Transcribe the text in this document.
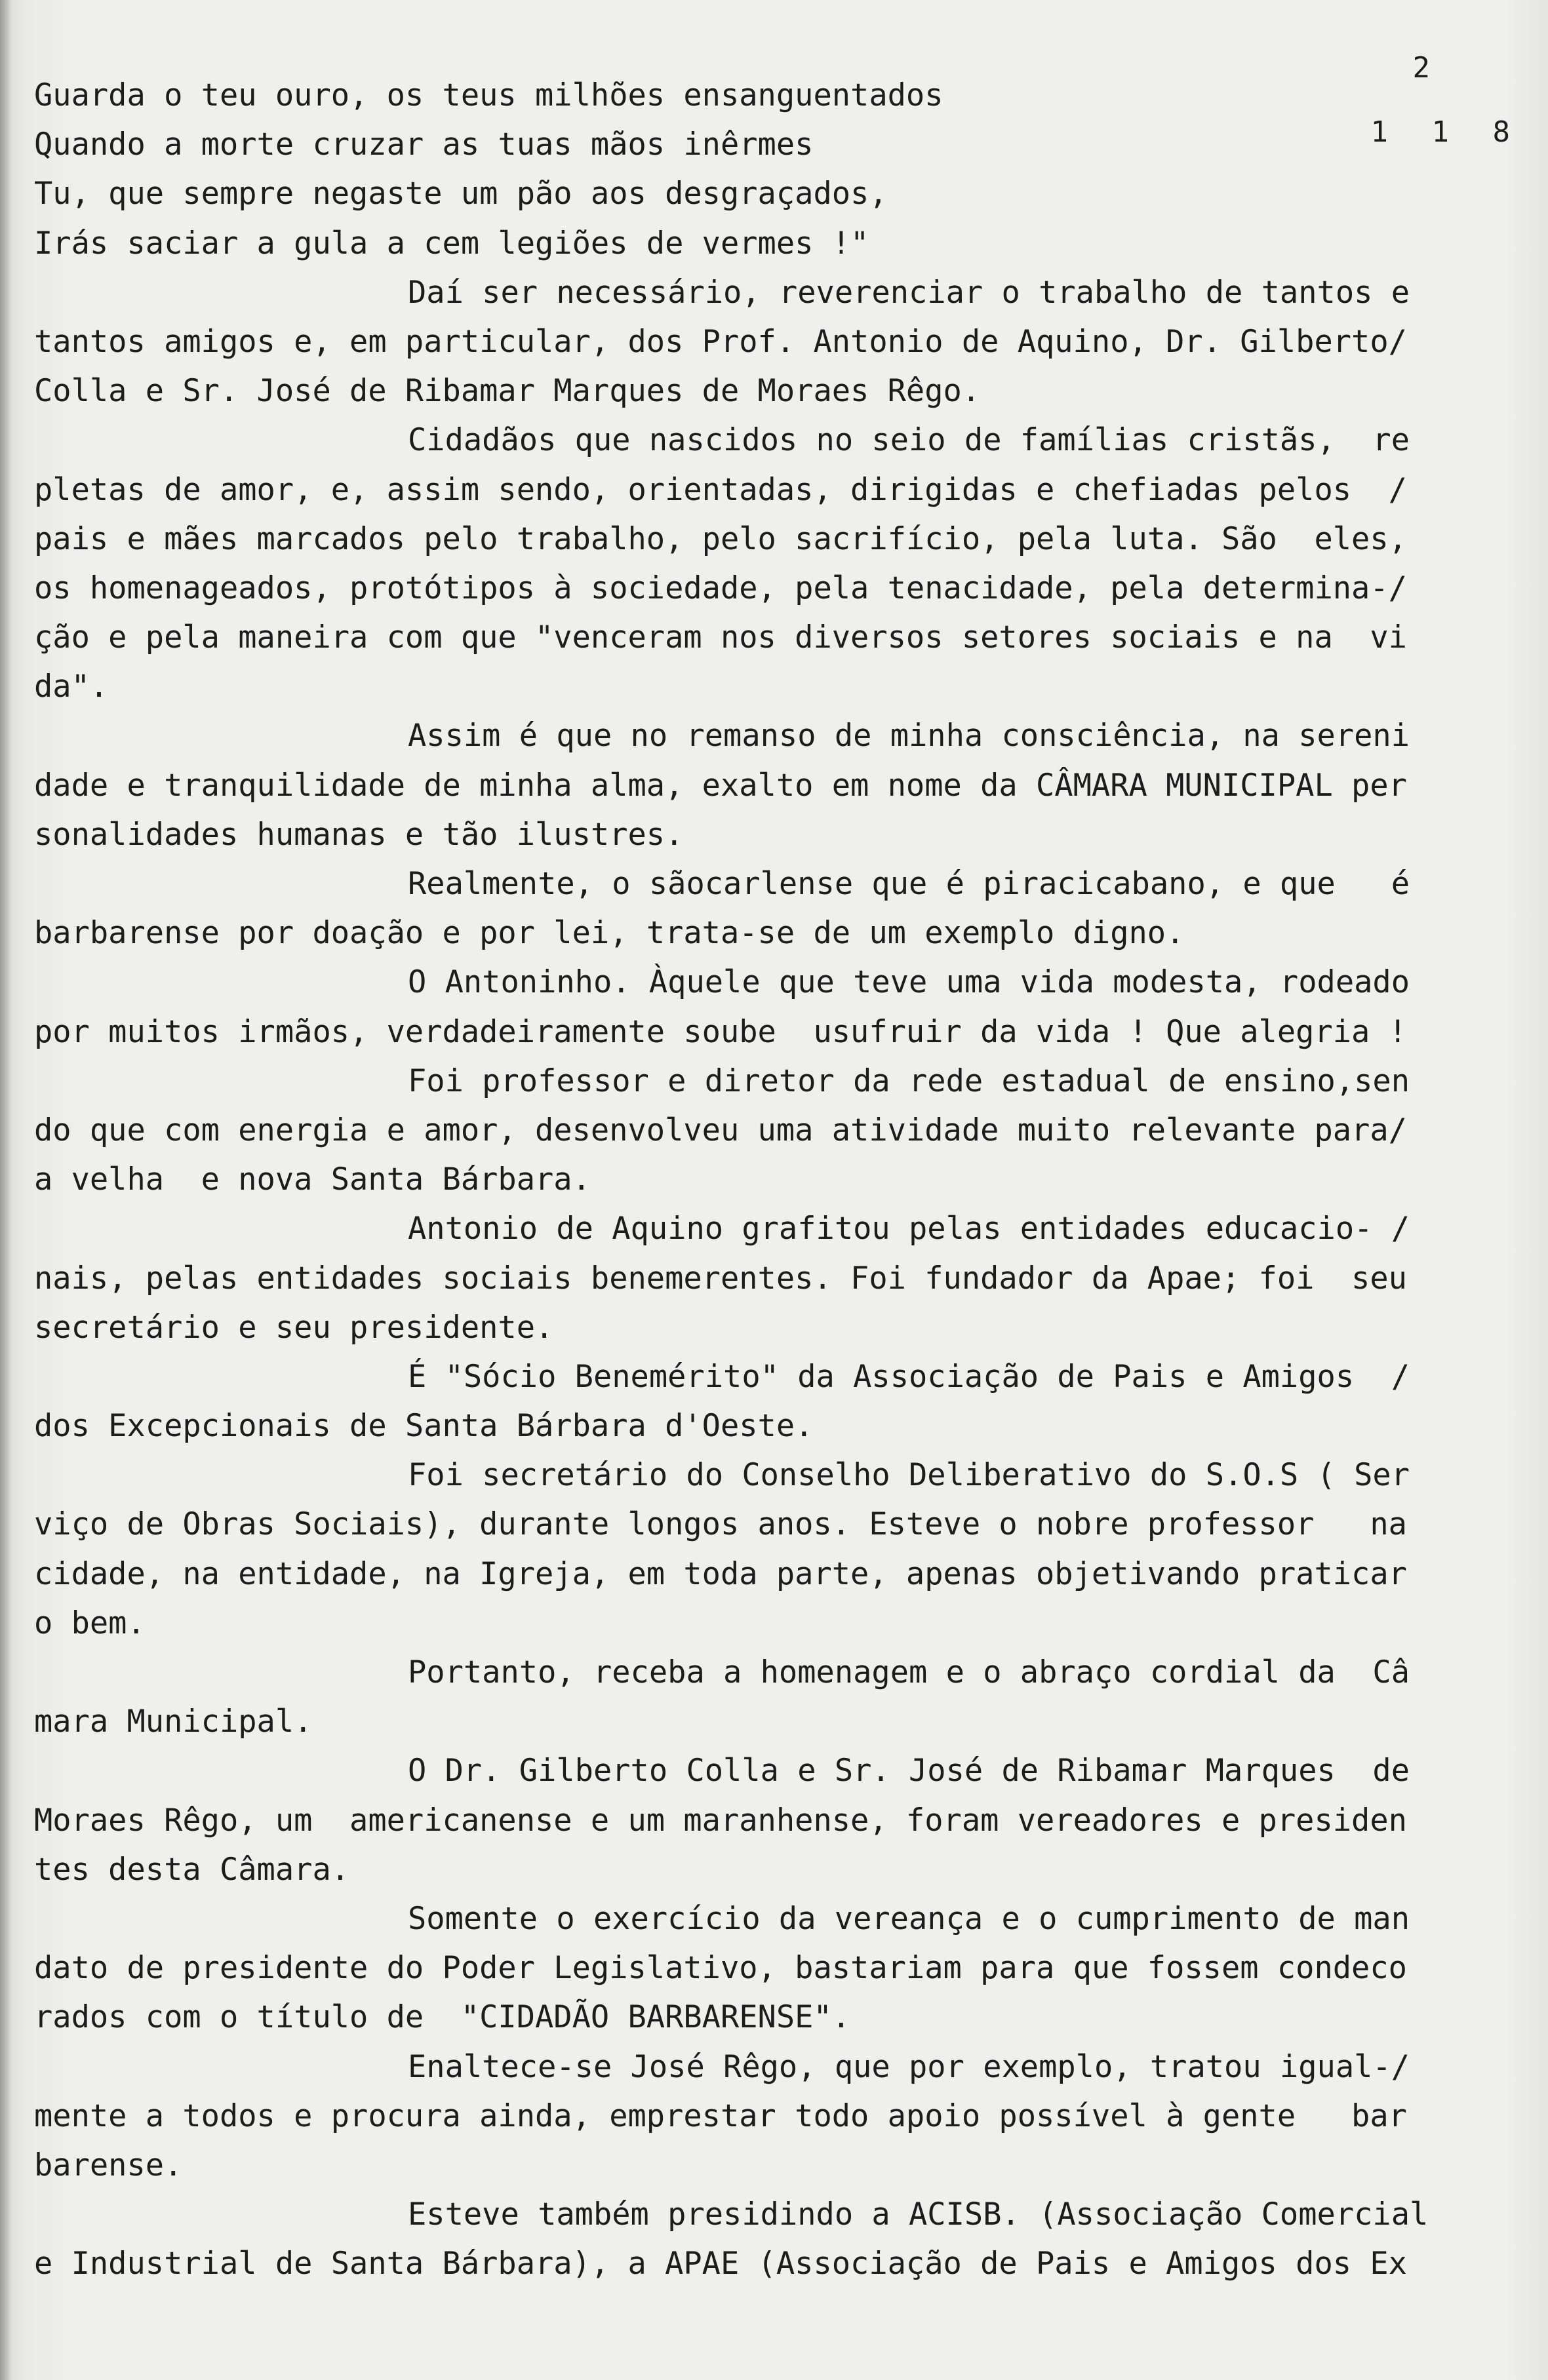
2
1 1 8
Guarda o teu ouro, os teus milhões ensanguentados
Quando a morte cruzar as tuas mãos inêrmes
Tu, que sempre negaste um pão aos desgraçados,
Irás saciar a gula a cem legiões de vermes !"
Daí ser necessário, reverenciar o trabalho de tantos e
tantos amigos e, em particular, dos Prof. Antonio de Aquino, Dr. Gilberto/
Colla e Sr. José de Ribamar Marques de Moraes Rêgo.
Cidadãos que nascidos no seio de famílias cristãs,  re
pletas de amor, e, assim sendo, orientadas, dirigidas e chefiadas pelos  /
pais e mães marcados pelo trabalho, pelo sacrifício, pela luta. São  eles,
os homenageados, protótipos à sociedade, pela tenacidade, pela determina-/
ção e pela maneira com que "venceram nos diversos setores sociais e na  vi
da".
Assim é que no remanso de minha consciência, na sereni
dade e tranquilidade de minha alma, exalto em nome da CÂMARA MUNICIPAL per
sonalidades humanas e tão ilustres.
Realmente, o sãocarlense que é piracicabano, e que   é
barbarense por doação e por lei, trata-se de um exemplo digno.
O Antoninho. Àquele que teve uma vida modesta, rodeado
por muitos irmãos, verdadeiramente soube  usufruir da vida ! Que alegria !
Foi professor e diretor da rede estadual de ensino,sen
do que com energia e amor, desenvolveu uma atividade muito relevante para/
a velha  e nova Santa Bárbara.
Antonio de Aquino grafitou pelas entidades educacio- /
nais, pelas entidades sociais benemerentes. Foi fundador da Apae; foi  seu
secretário e seu presidente.
É "Sócio Benemérito" da Associação de Pais e Amigos  /
dos Excepcionais de Santa Bárbara d'Oeste.
Foi secretário do Conselho Deliberativo do S.O.S ( Ser
viço de Obras Sociais), durante longos anos. Esteve o nobre professor   na
cidade, na entidade, na Igreja, em toda parte, apenas objetivando praticar
o bem.
Portanto, receba a homenagem e o abraço cordial da  Câ
mara Municipal.
O Dr. Gilberto Colla e Sr. José de Ribamar Marques  de
Moraes Rêgo, um  americanense e um maranhense, foram vereadores e presiden
tes desta Câmara.
Somente o exercício da vereança e o cumprimento de man
dato de presidente do Poder Legislativo, bastariam para que fossem condeco
rados com o título de  "CIDADÃO BARBARENSE".
Enaltece-se José Rêgo, que por exemplo, tratou igual-/
mente a todos e procura ainda, emprestar todo apoio possível à gente   bar
barense.
Esteve também presidindo a ACISB. (Associação Comercial
e Industrial de Santa Bárbara), a APAE (Associação de Pais e Amigos dos Ex
